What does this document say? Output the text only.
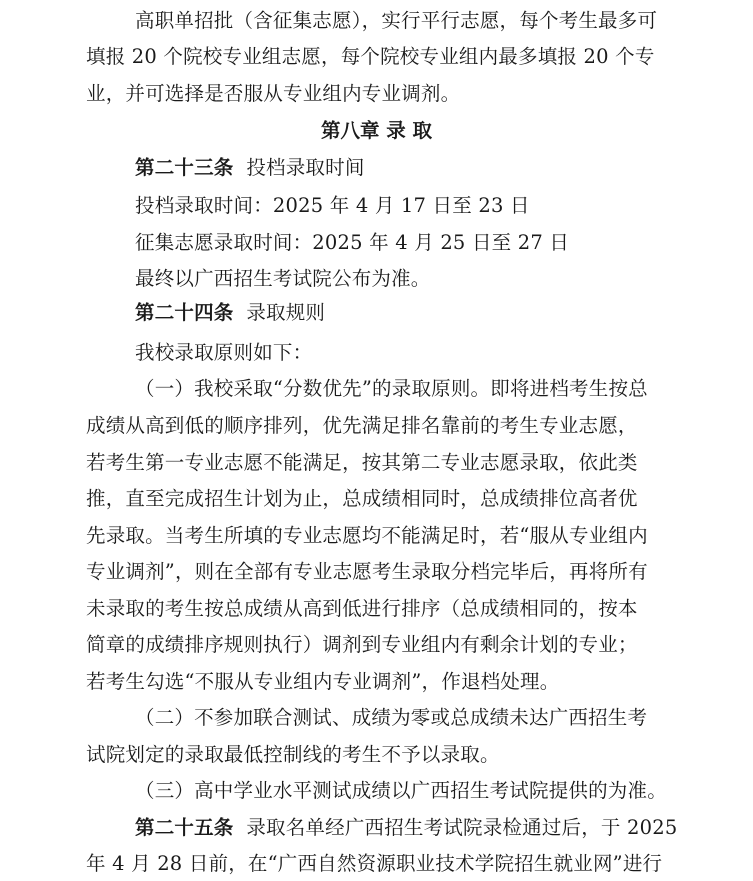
高职单招批（含征集志愿），实行平行志愿，每个考生最多可
填报 20 个院校专业组志愿，每个院校专业组内最多填报 20 个专
业，并可选择是否服从专业组内专业调剂。
第八章 录 取
第二十三条 投档录取时间
投档录取时间：2025 年 4 月 17 日至 23 日
征集志愿录取时间：2025 年 4 月 25 日至 27 日
最终以广西招生考试院公布为准。
第二十四条 录取规则
我校录取原则如下：
（一）我校采取“分数优先”的录取原则。即将进档考生按总
成绩从高到低的顺序排列，优先满足排名靠前的考生专业志愿，
若考生第一专业志愿不能满足，按其第二专业志愿录取，依此类
推，直至完成招生计划为止，总成绩相同时，总成绩排位高者优
先录取。当考生所填的专业志愿均不能满足时，若“服从专业组内
专业调剂”，则在全部有专业志愿考生录取分档完毕后，再将所有
未录取的考生按总成绩从高到低进行排序（总成绩相同的，按本
简章的成绩排序规则执行）调剂到专业组内有剩余计划的专业；
若考生勾选“不服从专业组内专业调剂”，作退档处理。
（二）不参加联合测试、成绩为零或总成绩未达广西招生考
试院划定的录取最低控制线的考生不予以录取。
（三）高中学业水平测试成绩以广西招生考试院提供的为准。
第二十五条 录取名单经广西招生考试院录检通过后，于 2025
年 4 月 28 日前，在“广西自然资源职业技术学院招生就业网”进行
